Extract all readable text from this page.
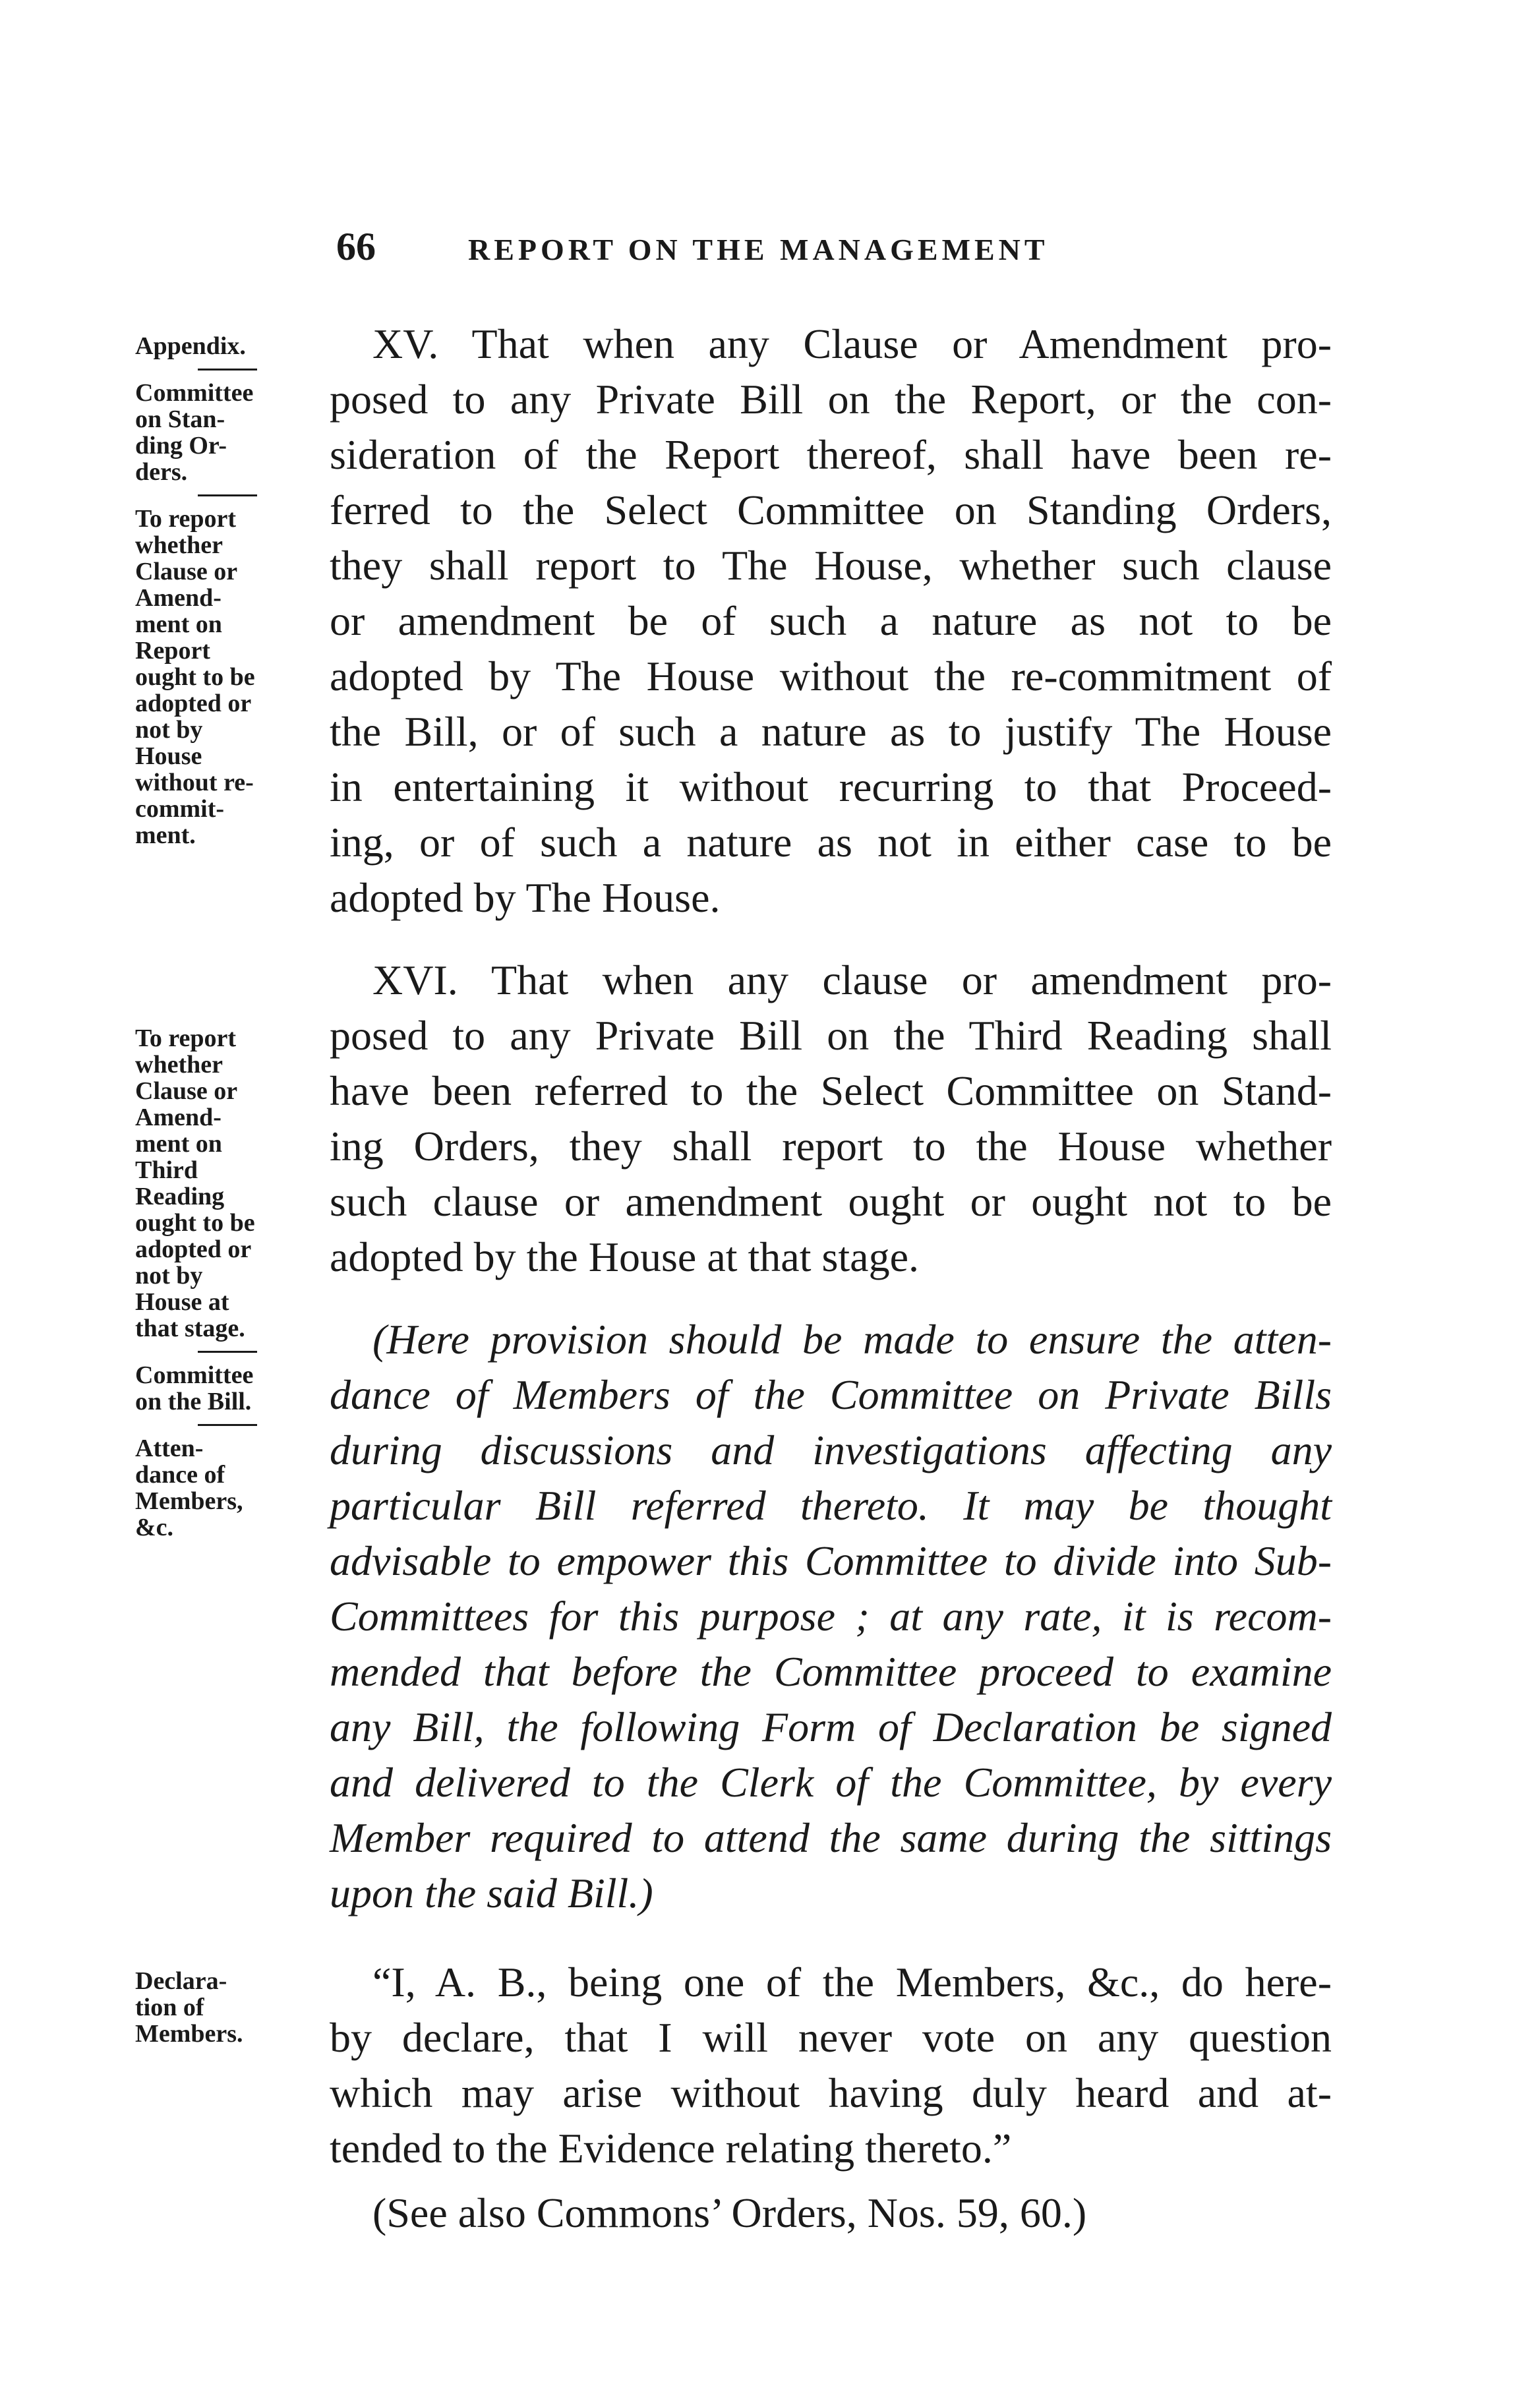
66	REPORT ON THE MANAGEMENT
Appendix.
Committee
on Stan-
ding Or-
ders.
To report
whether
Clause or
Amend-
ment on
Report
ought to be
adopted or
not by
House
without re-
commit-
ment.
To report
whether
Clause or
Amend-
ment on
Third
Reading
ought to be
adopted or
not by
House at
that stage.
Committee
on the Bill.
Atten-
dance of
Members,
&c.
Declara-
tion of
Members.
XV. That when any Clause or Amendment pro-
posed to any Private Bill on the Report, or the con-
sideration of the Report thereof, shall have been re-
ferred to the Select Committee on Standing Orders,
they shall report to The House, whether such clause
or amendment be of such a nature as not to be
adopted by The House without the re-commitment of
the Bill, or of such a nature as to justify The House
in entertaining it without recurring to that Proceed-
ing, or of such a nature as not in either case to be
adopted by The House.
XVI. That when any clause or amendment pro-
posed to any Private Bill on the Third Reading shall
have been referred to the Select Committee on Stand-
ing Orders, they shall report to the House whether
such clause or amendment ought or ought not to be
adopted by the House at that stage.
(Here provision should be made to ensure the atten-
dance of Members of the Committee on Private Bills
during discussions and investigations affecting any
particular Bill referred thereto. It may be thought
advisable to empower this Committee to divide into Sub-
Committees for this purpose ; at any rate, it is recom-
mended that before the Committee proceed to examine
any Bill, the following Form of Declaration be signed
and delivered to the Clerk of the Committee, by every
Member required to attend the same during the sittings
upon the said Bill.)
“I, A. B., being one of the Members, &c., do here-
by declare, that I will never vote on any question
which may arise without having duly heard and at-
tended to the Evidence relating thereto.”
(See also Commons’ Orders, Nos. 59, 60.)
